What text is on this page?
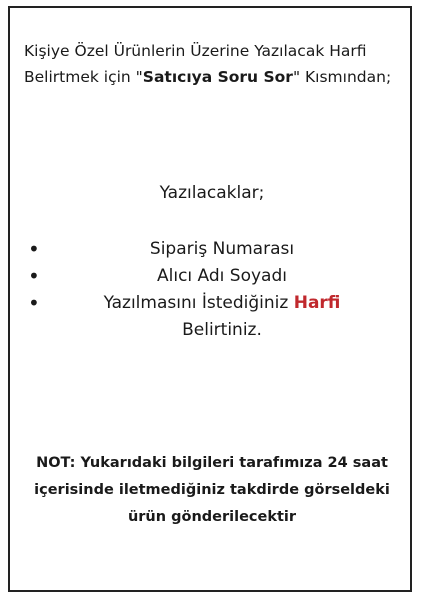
Kişiye Özel Ürünlerin Üzerine Yazılacak Harfi Belirtmek için "Satıcıya Soru Sor" Kısmından;
Yazılacaklar;
•	Sipariş Numarası
•	Alıcı Adı Soyadı
•	Yazılmasını İstediğiniz Harfi
Belirtiniz.
NOT: Yukarıdaki bilgileri tarafımıza 24 saat içerisinde iletmediğiniz takdirde görseldeki ürün gönderilecektir
